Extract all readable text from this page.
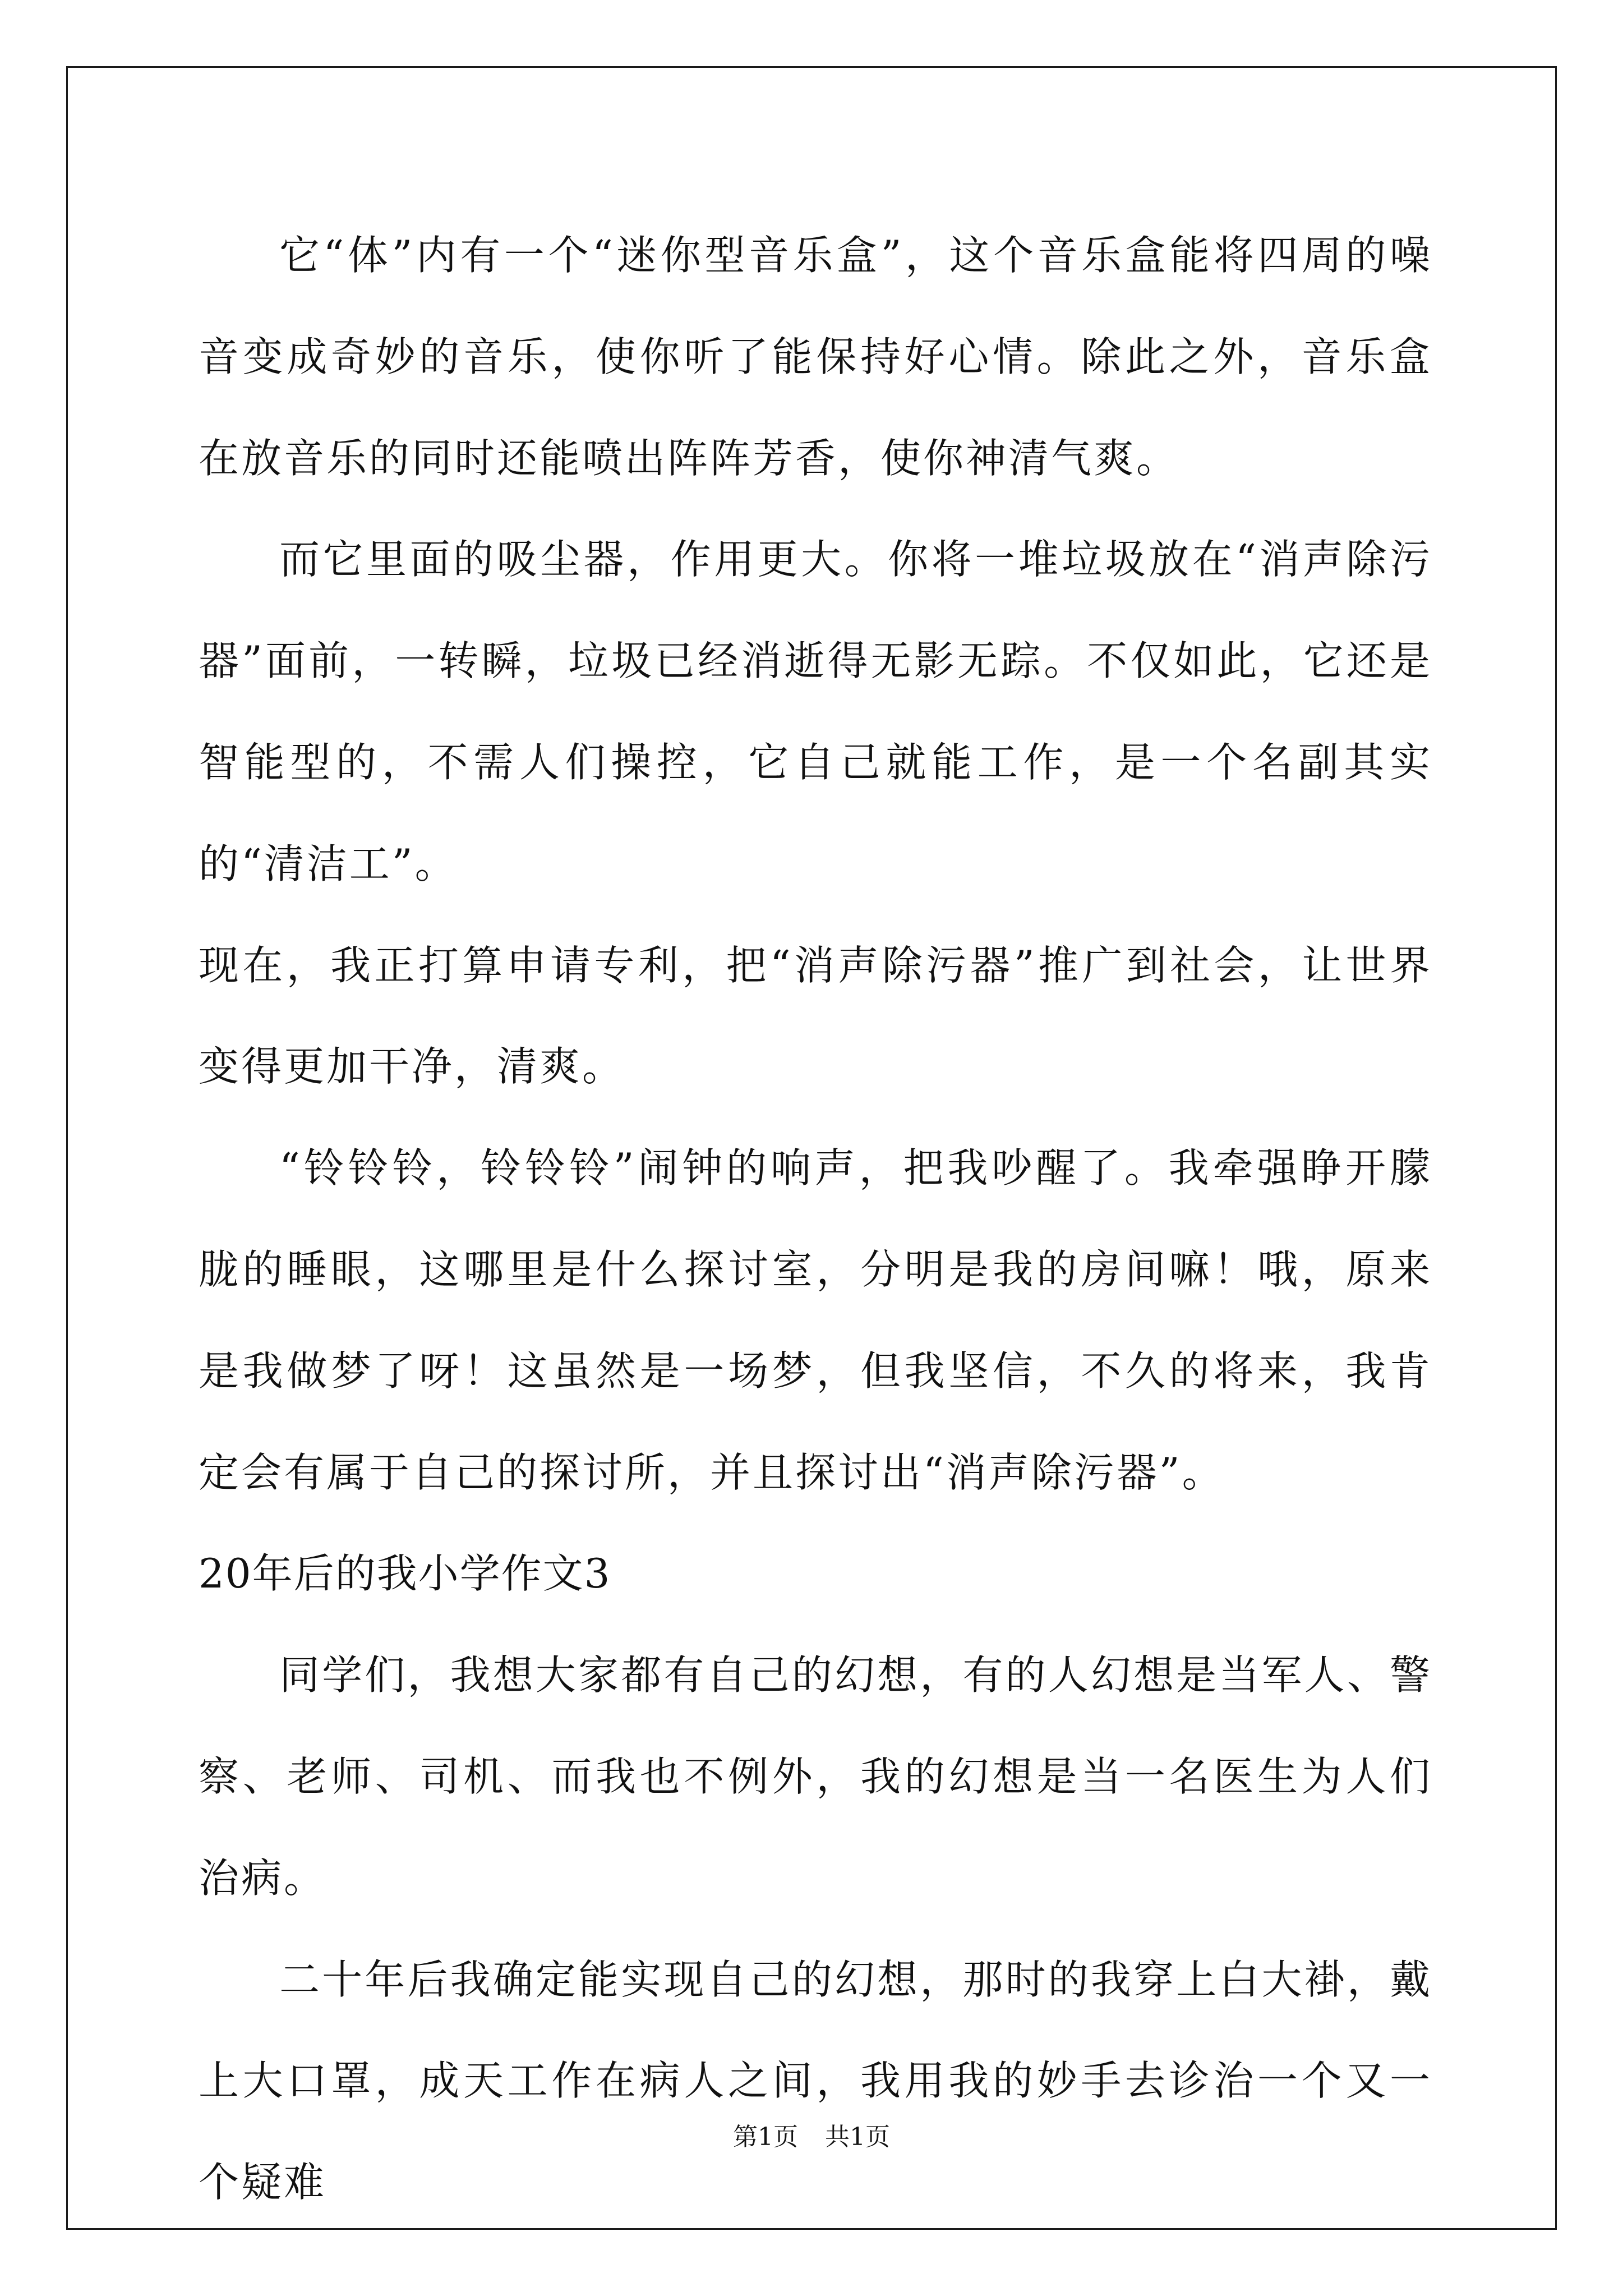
它“体”内有一个“迷你型音乐盒”，这个音乐盒能将四周的噪音变成奇妙的音乐，使你听了能保持好心情。除此之外，音乐盒在放音乐的同时还能喷出阵阵芳香，使你神清气爽。

而它里面的吸尘器，作用更大。你将一堆垃圾放在“消声除污器”面前，一转瞬，垃圾已经消逝得无影无踪。不仅如此，它还是智能型的，不需人们操控，它自己就能工作，是一个名副其实的“清洁工”。

现在，我正打算申请专利，把“消声除污器”推广到社会，让世界变得更加干净，清爽。

“铃铃铃，铃铃铃”闹钟的响声，把我吵醒了。我牵强睁开朦胧的睡眼，这哪里是什么探讨室，分明是我的房间嘛！哦，原来是我做梦了呀！这虽然是一场梦，但我坚信，不久的将来，我肯定会有属于自己的探讨所，并且探讨出“消声除污器”。

20年后的我小学作文3

同学们，我想大家都有自己的幻想，有的人幻想是当军人、警察、老师、司机、而我也不例外，我的幻想是当一名医生为人们治病。

二十年后我确定能实现自己的幻想，那时的我穿上白大褂，戴上大口罩，成天工作在病人之间，我用我的妙手去诊治一个又一个疑难

第1页 共1页
